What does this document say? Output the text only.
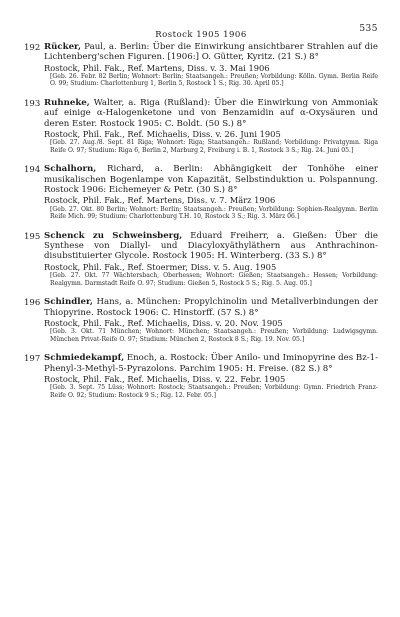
Rostock 1905 1906
535
192 Rücker, Paul, a. Berlin: Über die Einwirkung ansichtbarer Strahlen auf die Lichtenberg'schen Figuren. [1906:] O. Gütter, Kyritz. (21 S.) 8°
Rostock, Phil. Fak., Ref. Martens, Diss. v. 3. Mai 1906
[Geb. 26. Febr. 82 Berlin; Wohnort: Berlin; Staatsangeh.: Preußen; Vorbildung: Kölln. Gymn. Berlin Reife O. 99; Studium: Charlottenburg 1, Berlin 5, Rostock 1 S.; Rig. 30. April 05.]
193 Ruhneke, Walter, a. Riga (Rußland): Über die Einwirkung von Ammoniak auf einige α-Halogenketone und von Benzamidin auf α-Oxysäuren und deren Ester. Rostock 1905: C. Boldt. (50 S.) 8°
Rostock, Phil. Fak., Ref. Michaelis, Diss. v. 26. Juni 1905
[Geb. 27. Aug./8. Sept. 81 Riga; Wohnort: Riga; Staatsangeh.: Rußland; Vorbildung: Privatgymn. Riga Reife O. 97; Studium: Riga 6, Berlin 2, Marburg 2, Freiburg i. B. 1, Rostock 3 S.; Rig. 24. Juni 05.]
194 Schalhorn, Richard, a. Berlin: Abhängigkeit der Tonhöhe einer musikalischen Bogenlampe von Kapazität, Selbstinduktion u. Polspannung. Rostock 1906: Eichemeyer & Petr. (30 S.) 8°
Rostock, Phil. Fak., Ref. Martens, Diss. v. 7. März 1906
[Geb. 27. Okt. 80 Berlin; Wohnort: Berlin; Staatsangeh.: Preußen; Vorbildung: Sophien-Realgymn. Berlin Reife Mich. 99; Studium: Charlottenburg T.H. 10, Rostock 3 S.; Rig. 3. März 06.]
195 Schenck zu Schweinsberg, Eduard Freiherr, a. Gießen: Über die Synthese von Diallyl- und Diacyloxyäthyläthern aus Anthrachinon-disubstituierter Glycole. Rostock 1905: H. Winterberg. (33 S.) 8°
Rostock, Phil. Fak., Ref. Stoermer, Diss. v. 5. Aug. 1905
[Geb. 27. Okt. 77 Wächtersbach, Oberhessen; Wohnort: Gießen; Staatsangeh.: Hessen; Vorbildung: Realgymn. Darmstadt Reife O. 97; Studium: Gießen 5, Rostock 5 S.; Rig. 5. Aug. 05.]
196 Schindler, Hans, a. München: Propylchinolin und Metallverbindungen der Thiopyrine. Rostock 1906: C. Hinstorff. (57 S.) 8°
Rostock, Phil. Fak., Ref. Michaelis, Diss. v. 20. Nov. 1905
[Geb. 3. Okt. 71 München; Wohnort: München; Staatsangeh.: Preußen; Vorbildung: Ludwigsgymn. München Privat-Reife O. 97; Studium: München 2, Rostock 8 S.; Rig. 19. Nov. 05.]
197 Schmiedekampf, Enoch, a. Rostock: Über Anilo- und Iminopyrine des Bz-1-Phenyl-3-Methyl-5-Pyrazolons. Parchim 1905: H. Freise. (82 S.) 8°
Rostock, Phil. Fak., Ref. Michaelis, Diss. v. 22. Febr. 1905
[Geb. 3. Sept. 75 Lüss; Wohnort: Rostock; Staatsangeh.: Preußen; Vorbildung: Gymn. Friedrich Franz-Reife O. 92; Studium: Rostock 9 S.; Rig. 12. Febr. 05.]
